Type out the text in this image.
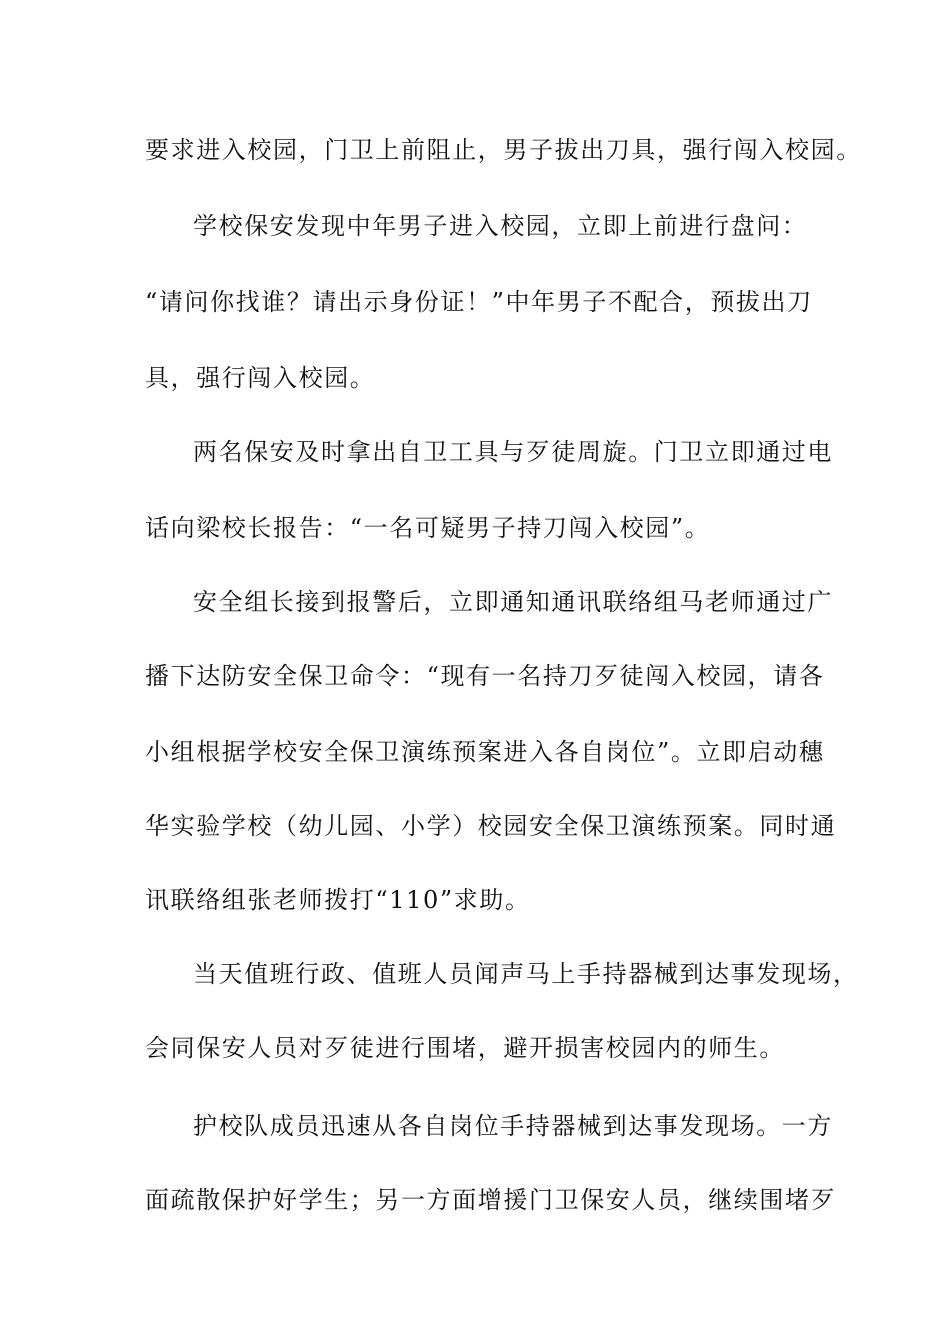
要求进入校园，门卫上前阻止，男子拔出刀具，强行闯入校园。
学校保安发现中年男子进入校园，立即上前进行盘问：
“请问你找谁？请出示身份证！”中年男子不配合，预拔出刀
具，强行闯入校园。
两名保安及时拿出自卫工具与歹徒周旋。门卫立即通过电
话向梁校长报告：“一名可疑男子持刀闯入校园”。
安全组长接到报警后，立即通知通讯联络组马老师通过广
播下达防安全保卫命令：“现有一名持刀歹徒闯入校园，请各
小组根据学校安全保卫演练预案进入各自岗位”。立即启动穗
华实验学校（幼儿园、小学）校园安全保卫演练预案。同时通
讯联络组张老师拨打“110”求助。
当天值班行政、值班人员闻声马上手持器械到达事发现场，
会同保安人员对歹徒进行围堵，避开损害校园内的师生。
护校队成员迅速从各自岗位手持器械到达事发现场。一方
面疏散保护好学生；另一方面增援门卫保安人员，继续围堵歹
